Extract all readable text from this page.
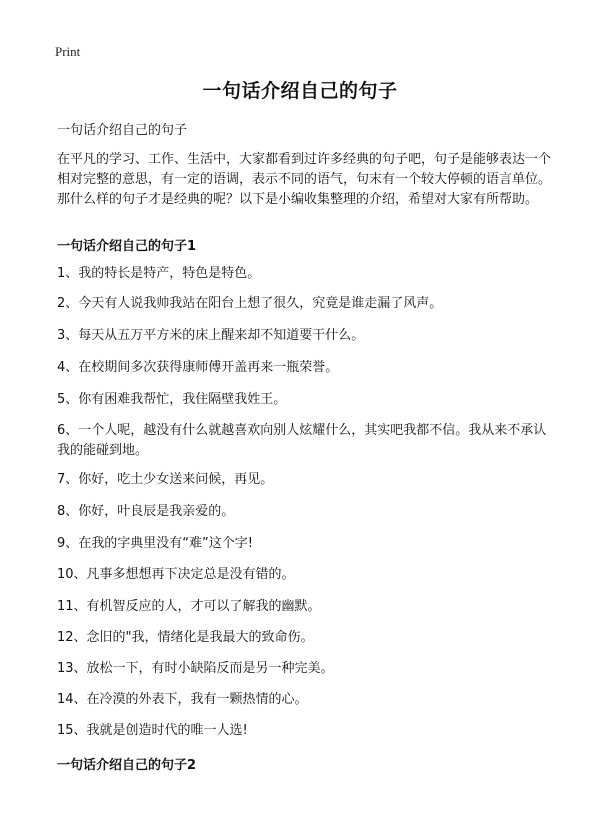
Print
一句话介绍自己的句子

一句话介绍自己的句子

在平凡的学习、工作、生活中，大家都看到过许多经典的句子吧，句子是能够表达一个相对完整的意思，有一定的语调，表示不同的语气，句末有一个较大停顿的语言单位。那什么样的句子才是经典的呢？以下是小编收集整理的介绍，希望对大家有所帮助。

一句话介绍自己的句子1

1、我的特长是特产，特色是特色。

2、今天有人说我帅我站在阳台上想了很久，究竟是谁走漏了风声。

3、每天从五万平方米的床上醒来却不知道要干什么。

4、在校期间多次获得康师傅开盖再来一瓶荣誉。

5、你有困难我帮忙，我住隔壁我姓王。

6、一个人呢，越没有什么就越喜欢向别人炫耀什么，其实吧我都不信。我从来不承认我的能碰到地。

7、你好，吃土少女送来问候，再见。

8、你好，叶良辰是我亲爱的。

9、在我的字典里没有“难”这个字!

10、凡事多想想再下决定总是没有错的。

11、有机智反应的人，才可以了解我的幽默。

12、念旧的"我，情绪化是我最大的致命伤。

13、放松一下，有时小缺陷反而是另一种完美。

14、在冷漠的外表下，我有一颗热情的心。

15、我就是创造时代的唯一人选!

一句话介绍自己的句子2
